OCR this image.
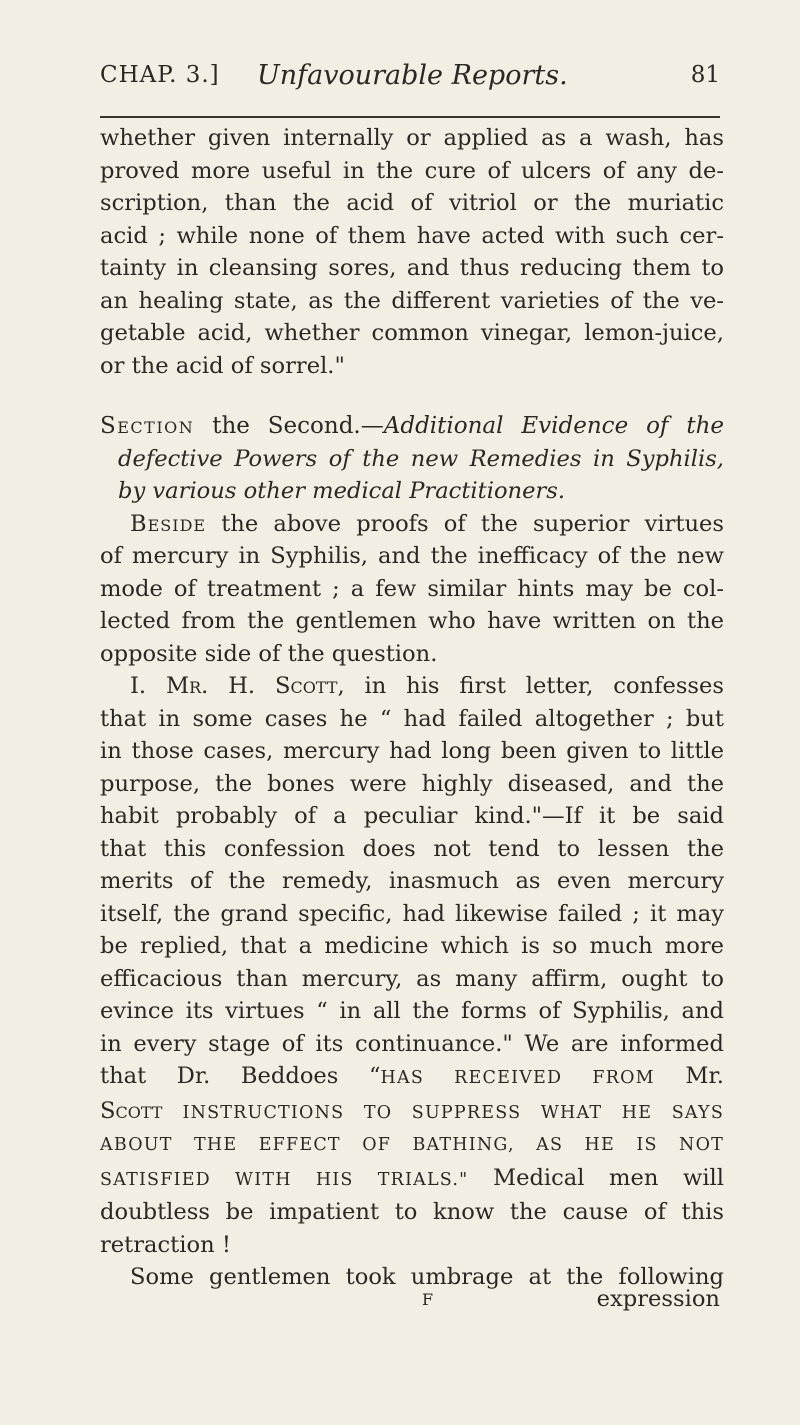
CHAP. 3.] Unfavourable Reports.	81

whether given internally or applied as a wash, has

proved more useful in the cure of ulcers of any de-

scription, than the acid of vitriol or the muriatic

acid ; while none of them have acted with such cer-

tainty in cleansing sores, and thus reducing them to

an healing state, as the different varieties of the ve-

getable acid, whether common vinegar, lemon-juice,

or the acid of sorrel."

Section the Second.—Additional Evidence of the

defective Powers of the new Remedies in Syphilis,

by various other medical Practitioners.

Beside the above proofs of the superior virtues

of mercury in Syphilis, and the inefficacy of the new

mode of treatment ; a few similar hints may be col-

lected from the gentlemen who have written on the

opposite side of the question.

I. Mr. H. Scott, in his first letter, confesses

that in some cases he “ had failed altogether ; but

in those cases, mercury had long been given to little

purpose, the bones were highly diseased, and the

habit probably of a peculiar kind."—If it be said

that this confession does not tend to lessen the

merits of the remedy, inasmuch as even mercury

itself, the grand specific, had likewise failed ; it may

be replied, that a medicine which is so much more

efficacious than mercury, as many affirm, ought to

evince its virtues “ in all the forms of Syphilis, and

in every stage of its continuance." We are informed

that Dr. Beddoes “HAS RECEIVED FROM Mr.

Scott INSTRUCTIONS TO SUPPRESS WHAT HE SAYS

ABOUT THE EFFECT OF BATHING, AS HE IS NOT

SATISFIED WITH HIS TRIALS." Medical men will

doubtless be impatient to know the cause of this

retraction !

Some gentlemen took umbrage at the following

expression
F
